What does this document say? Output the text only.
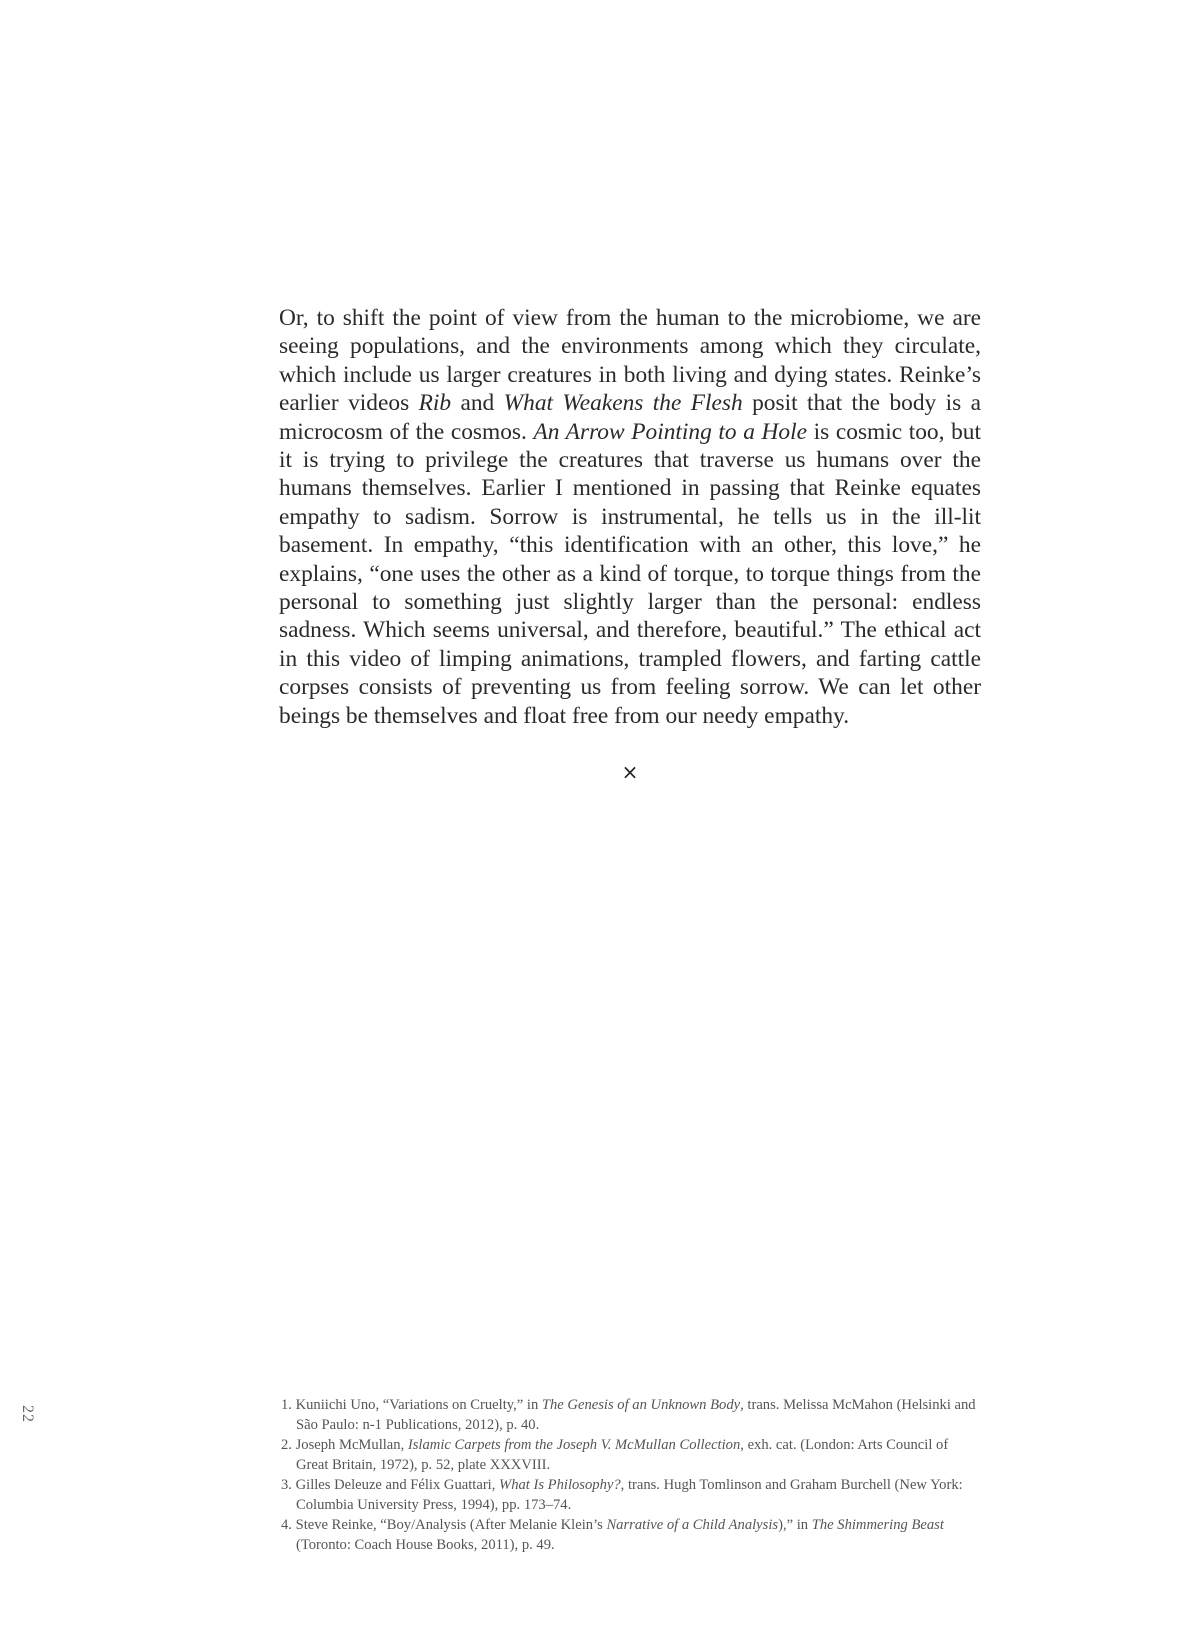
Or, to shift the point of view from the human to the microbiome, we are seeing populations, and the environments among which they circulate, which include us larger creatures in both living and dying states. Reinke’s earlier videos Rib and What Weakens the Flesh posit that the body is a microcosm of the cosmos. An Arrow Pointing to a Hole is cosmic too, but it is trying to privilege the creatures that traverse us humans over the humans themselves. Earlier I mentioned in passing that Reinke equates empathy to sadism. Sorrow is instrumental, he tells us in the ill-lit basement. In empathy, “this identification with an other, this love,” he explains, “one uses the other as a kind of torque, to torque things from the personal to something just slightly larger than the personal: endless sadness. Which seems universal, and therefore, beautiful.” The ethical act in this video of limping animations, trampled flowers, and farting cattle corpses consists of preventing us from feeling sorrow. We can let other beings be themselves and float free from our needy empathy.

×
22	1. Kuniichi Uno, “Variations on Cruelty,” in The Genesis of an Unknown Body, trans. Melissa McMahon (Helsinki and São Paulo: n-1 Publications, 2012), p. 40.
2. Joseph McMullan, Islamic Carpets from the Joseph V. McMullan Collection, exh. cat. (London: Arts Council of Great Britain, 1972), p. 52, plate XXXVIII.
3. Gilles Deleuze and Félix Guattari, What Is Philosophy?, trans. Hugh Tomlinson and Graham Burchell (New York: Columbia University Press, 1994), pp. 173–74.
4. Steve Reinke, “Boy/Analysis (After Melanie Klein’s Narrative of a Child Analysis),” in The Shimmering Beast (Toronto: Coach House Books, 2011), p. 49.
